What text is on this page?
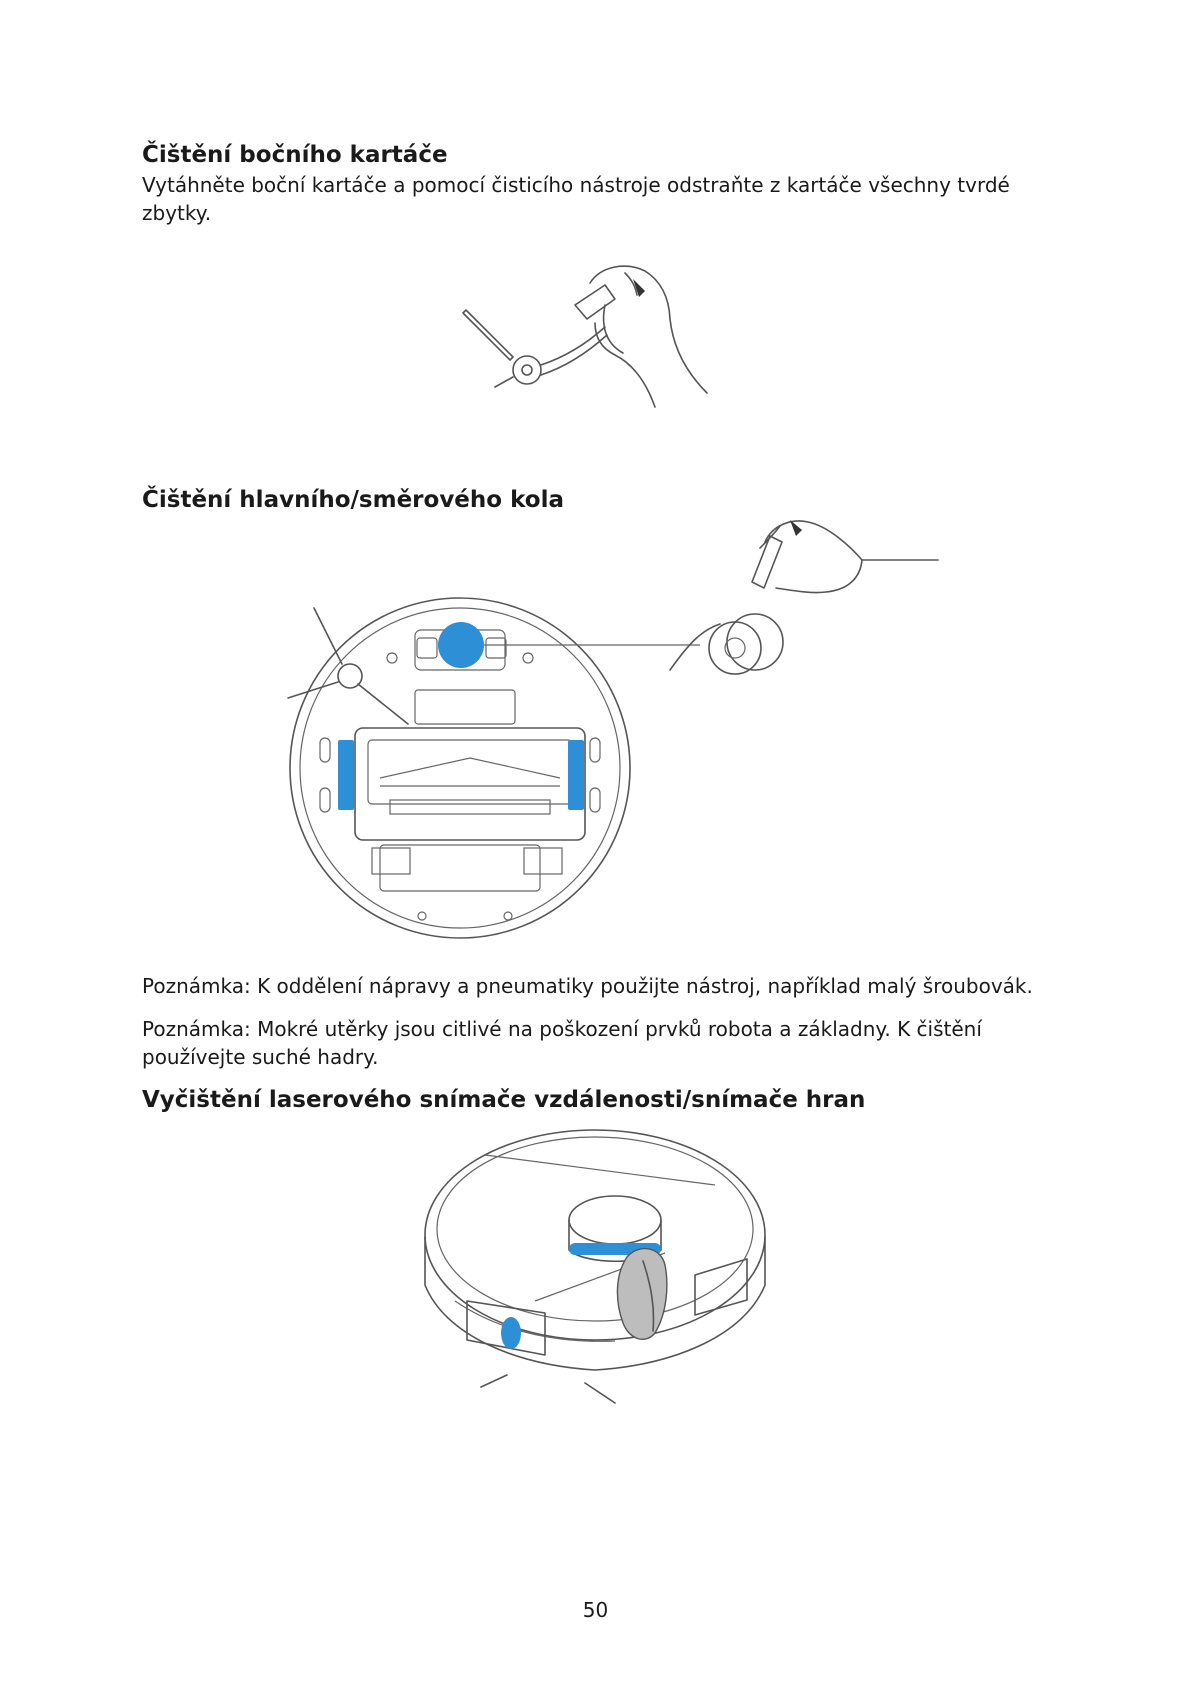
Čištění bočního kartáče

Vytáhněte boční kartáče a pomocí čisticího nástroje odstraňte z kartáče všechny tvrdé zbytky.

Čištění hlavního/směrového kola

Poznámka: K oddělení nápravy a pneumatiky použijte nástroj, například malý šroubovák.

Poznámka: Mokré utěrky jsou citlivé na poškození prvků robota a základny. K čištění používejte suché hadry.

Vyčištění laserového snímače vzdálenosti/snímače hran
50
